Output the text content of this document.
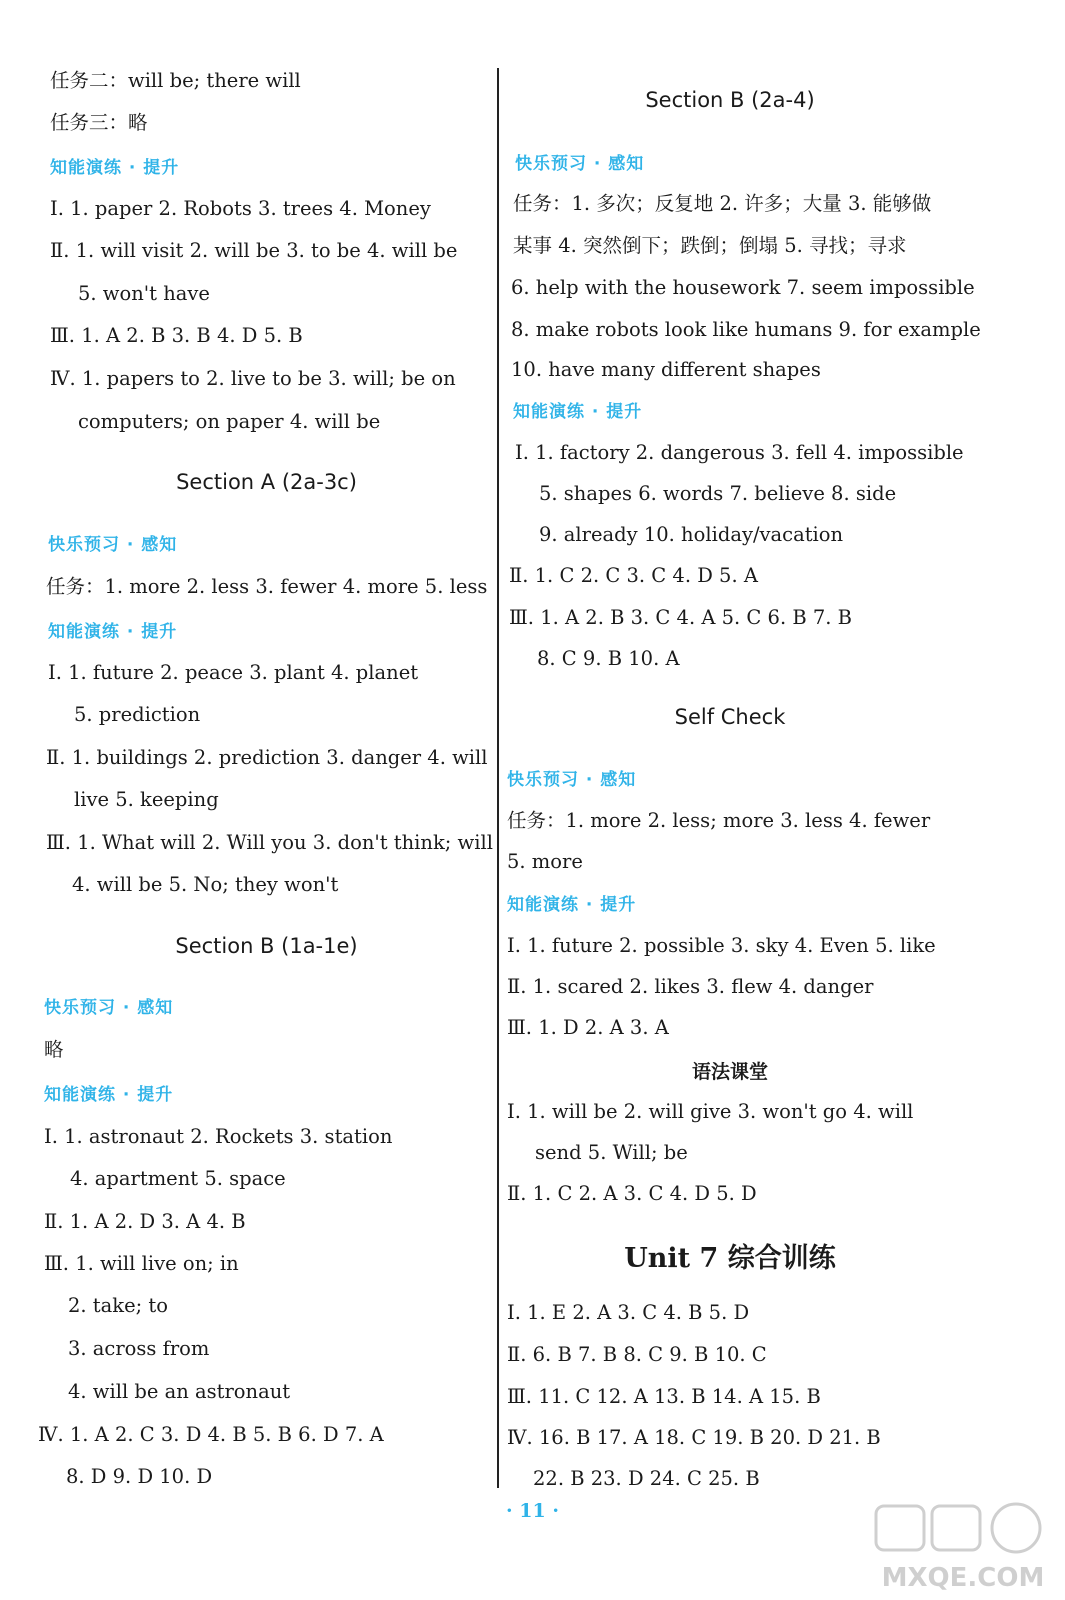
任务二：will be; there will
任务三：略
知能演练 · 提升
Ⅰ. 1. paper 2. Robots 3. trees 4. Money
Ⅱ. 1. will visit 2. will be 3. to be 4. will be
5. won't have
Ⅲ. 1. A 2. B 3. B 4. D 5. B
Ⅳ. 1. papers to 2. live to be 3. will; be on
computers; on paper 4. will be
Section A (2a-3c)
快乐预习 · 感知
任务：1. more 2. less 3. fewer 4. more 5. less
知能演练 · 提升
Ⅰ. 1. future 2. peace 3. plant 4. planet
5. prediction
Ⅱ. 1. buildings 2. prediction 3. danger 4. will
live 5. keeping
Ⅲ. 1. What will 2. Will you 3. don't think; will
4. will be 5. No; they won't
Section B (1a-1e)
快乐预习 · 感知
略
知能演练 · 提升
Ⅰ. 1. astronaut 2. Rockets 3. station
4. apartment 5. space
Ⅱ. 1. A 2. D 3. A 4. B
Ⅲ. 1. will live on; in
2. take; to
3. across from
4. will be an astronaut
Ⅳ. 1. A 2. C 3. D 4. B 5. B 6. D 7. A
8. D 9. D 10. D
Section B (2a-4)
快乐预习 · 感知
任务：1. 多次；反复地 2. 许多；大量 3. 能够做
某事 4. 突然倒下；跌倒；倒塌 5. 寻找；寻求
6. help with the housework 7. seem impossible
8. make robots look like humans 9. for example
10. have many different shapes
知能演练 · 提升
Ⅰ. 1. factory 2. dangerous 3. fell 4. impossible
5. shapes 6. words 7. believe 8. side
9. already 10. holiday/vacation
Ⅱ. 1. C 2. C 3. C 4. D 5. A
Ⅲ. 1. A 2. B 3. C 4. A 5. C 6. B 7. B
8. C 9. B 10. A
Self Check
快乐预习 · 感知
任务：1. more 2. less; more 3. less 4. fewer
5. more
知能演练 · 提升
Ⅰ. 1. future 2. possible 3. sky 4. Even 5. like
Ⅱ. 1. scared 2. likes 3. flew 4. danger
Ⅲ. 1. D 2. A 3. A
语法课堂
Ⅰ. 1. will be 2. will give 3. won't go 4. will
send 5. Will; be
Ⅱ. 1. C 2. A 3. C 4. D 5. D
Unit 7 综合训练
Ⅰ. 1. E 2. A 3. C 4. B 5. D
Ⅱ. 6. B 7. B 8. C 9. B 10. C
Ⅲ. 11. C 12. A 13. B 14. A 15. B
Ⅳ. 16. B 17. A 18. C 19. B 20. D 21. B
22. B 23. D 24. C 25. B
· 11 ·
MXQE.COM
